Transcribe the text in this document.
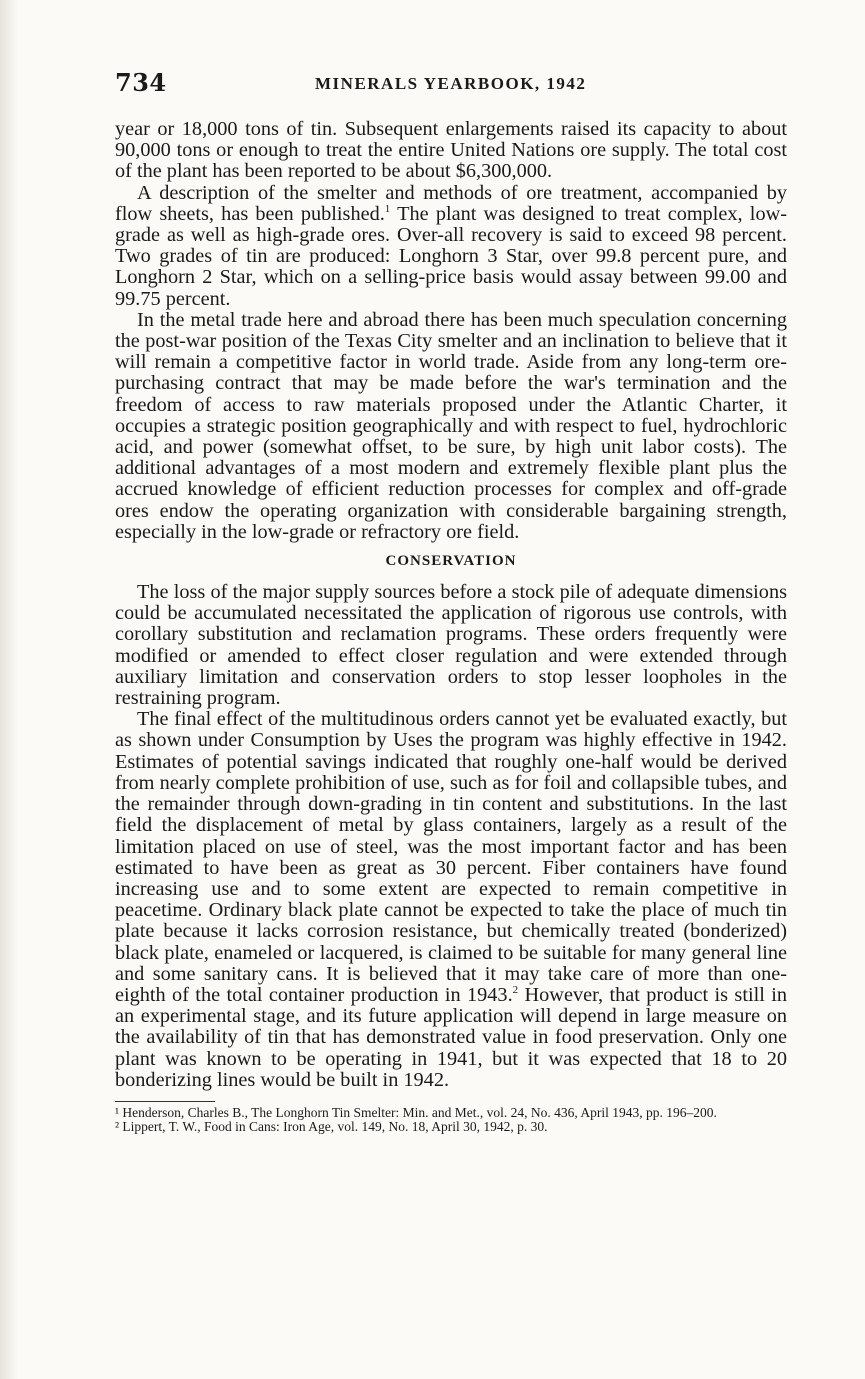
734	MINERALS YEARBOOK, 1942

year or 18,000 tons of tin. Subsequent enlargements raised its capacity to about 90,000 tons or enough to treat the entire United Nations ore supply. The total cost of the plant has been reported to be about $6,300,000.

A description of the smelter and methods of ore treatment, accompanied by flow sheets, has been published.$^1$ The plant was designed to treat complex, low-grade as well as high-grade ores. Over-all recovery is said to exceed 98 percent. Two grades of tin are produced: Longhorn 3 Star, over 99.8 percent pure, and Longhorn 2 Star, which on a selling-price basis would assay between 99.00 and 99.75 percent.

In the metal trade here and abroad there has been much speculation concerning the post-war position of the Texas City smelter and an inclination to believe that it will remain a competitive factor in world trade. Aside from any long-term ore-purchasing contract that may be made before the war's termination and the freedom of access to raw materials proposed under the Atlantic Charter, it occupies a strategic position geographically and with respect to fuel, hydrochloric acid, and power (somewhat offset, to be sure, by high unit labor costs). The additional advantages of a most modern and extremely flexible plant plus the accrued knowledge of efficient reduction processes for complex and off-grade ores endow the operating organization with considerable bargaining strength, especially in the low-grade or refractory ore field.

CONSERVATION

The loss of the major supply sources before a stock pile of adequate dimensions could be accumulated necessitated the application of rigorous use controls, with corollary substitution and reclamation programs. These orders frequently were modified or amended to effect closer regulation and were extended through auxiliary limitation and conservation orders to stop lesser loopholes in the restraining program.

The final effect of the multitudinous orders cannot yet be evaluated exactly, but as shown under Consumption by Uses the program was highly effective in 1942. Estimates of potential savings indicated that roughly one-half would be derived from nearly complete prohibition of use, such as for foil and collapsible tubes, and the remainder through down-grading in tin content and substitutions. In the last field the displacement of metal by glass containers, largely as a result of the limitation placed on use of steel, was the most important factor and has been estimated to have been as great as 30 percent. Fiber containers have found increasing use and to some extent are expected to remain competitive in peacetime. Ordinary black plate cannot be expected to take the place of much tin plate because it lacks corrosion resistance, but chemically treated (bonderized) black plate, enameled or lacquered, is claimed to be suitable for many general line and some sanitary cans. It is believed that it may take care of more than one-eighth of the total container production in 1943.$^2$ However, that product is still in an experimental stage, and its future application will depend in large measure on the availability of tin that has demonstrated value in food preservation. Only one plant was known to be operating in 1941, but it was expected that 18 to 20 bonderizing lines would be built in 1942.

¹ Henderson, Charles B., The Longhorn Tin Smelter: Min. and Met., vol. 24, No. 436, April 1943, pp. 196–200.

² Lippert, T. W., Food in Cans: Iron Age, vol. 149, No. 18, April 30, 1942, p. 30.
